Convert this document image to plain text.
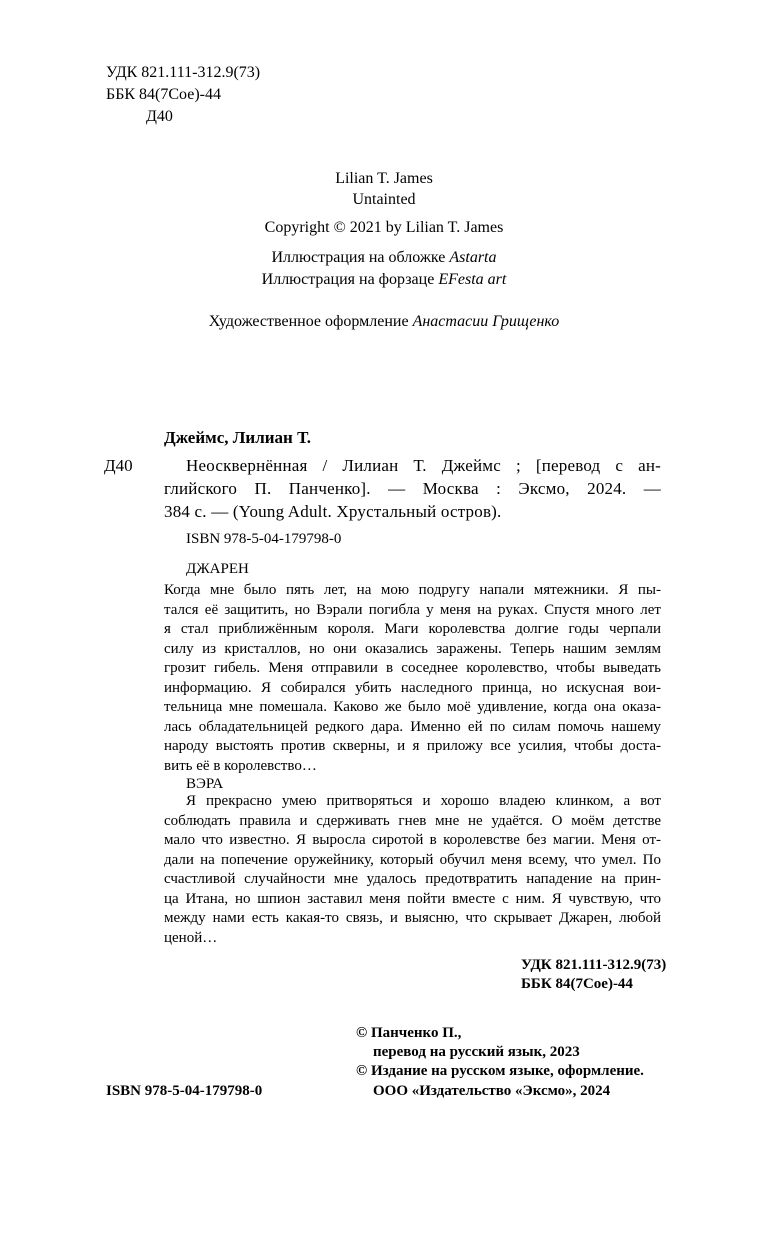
УДК 821.111-312.9(73)
ББК 84(7Сое)-44
Д40
Lilian T. James
Untainted
Copyright © 2021 by Lilian T. James
Иллюстрация на обложке Astarta
Иллюстрация на форзаце EFesta art
Художественное оформление Анастасии Грищенко
Джеймс, Лилиан Т.
Д40	Неосквернённая / Лилиан Т. Джеймс ; [перевод с ан-
глийского П. Панченко]. — Москва : Эксмо, 2024. —
384 с. — (Young Adult. Хрустальный остров).
ISBN 978-5-04-179798-0
ДЖАРЕН
Когда мне было пять лет, на мою подругу напали мятежники. Я пы-
тался её защитить, но Вэрали погибла у меня на руках. Спустя много лет
я стал приближённым короля. Маги королевства долгие годы черпали
силу из кристаллов, но они оказались заражены. Теперь нашим землям
грозит гибель. Меня отправили в соседнее королевство, чтобы выведать
информацию. Я собирался убить наследного принца, но искусная вои-
тельница мне помешала. Каково же было моё удивление, когда она оказа-
лась обладательницей редкого дара. Именно ей по силам помочь нашему
народу выстоять против скверны, и я приложу все усилия, чтобы доста-
вить её в королевство…
ВЭРА
Я прекрасно умею притворяться и хорошо владею клинком, а вот
соблюдать правила и сдерживать гнев мне не удаётся. О моём детстве
мало что известно. Я выросла сиротой в королевстве без магии. Меня от-
дали на попечение оружейнику, который обучил меня всему, что умел. По
счастливой случайности мне удалось предотвратить нападение на прин-
ца Итана, но шпион заставил меня пойти вместе с ним. Я чувствую, что
между нами есть какая-то связь, и выясню, что скрывает Джарен, любой
ценой…
УДК 821.111-312.9(73)
ББК 84(7Сое)-44
© Панченко П.,
перевод на русский язык, 2023
© Издание на русском языке, оформление.
ООО «Издательство «Эксмо», 2024
ISBN 978-5-04-179798-0
